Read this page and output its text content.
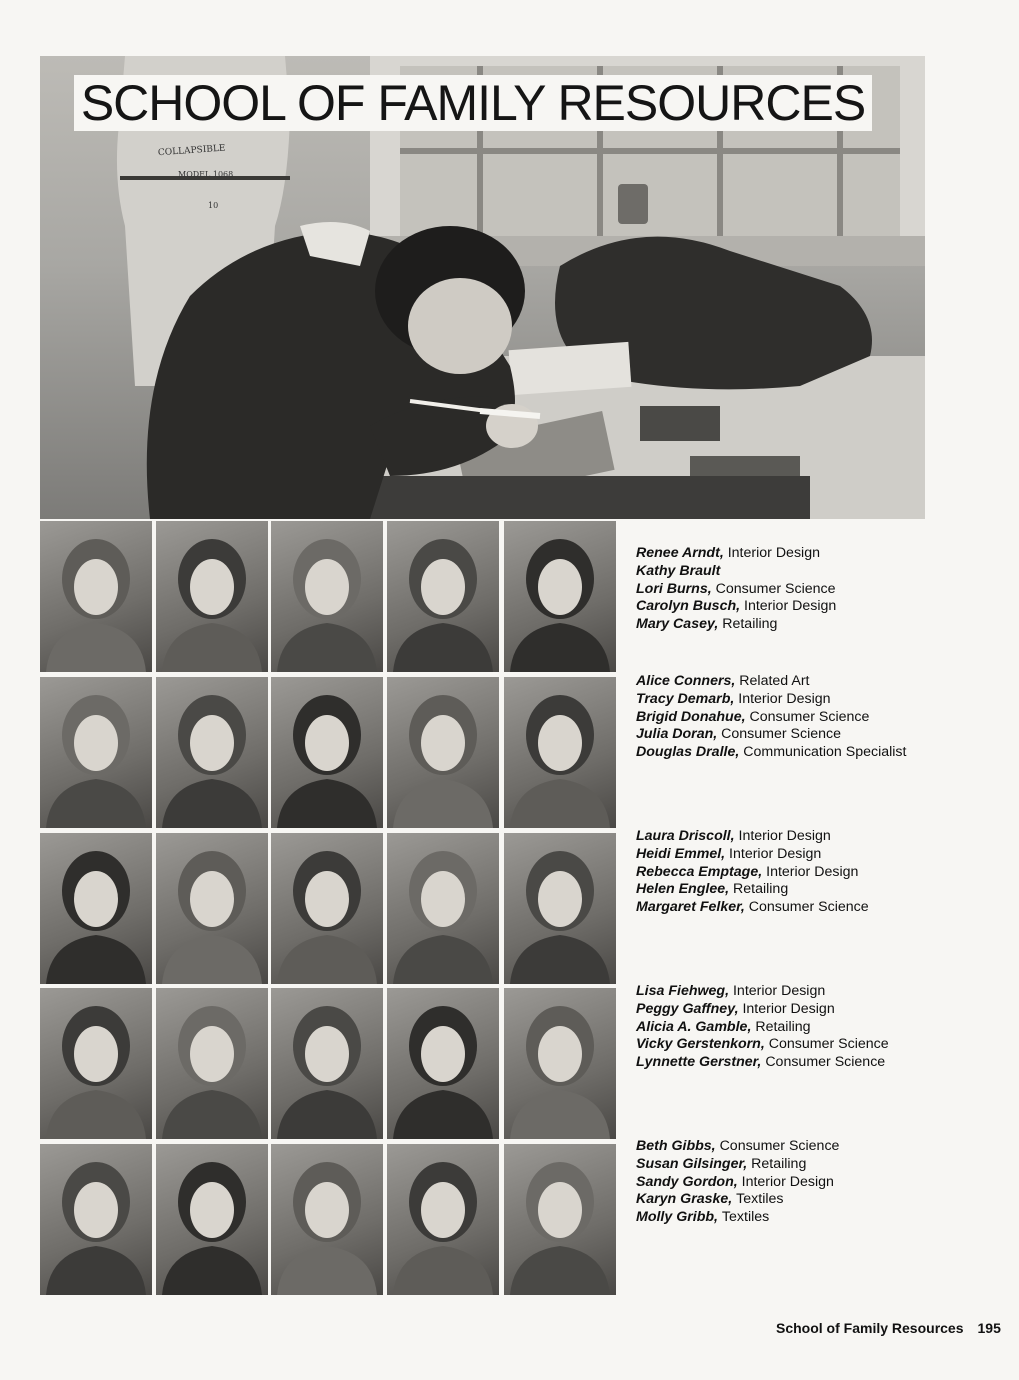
COLLAPSIBLE
MODEL 1068
10
SCHOOL OF FAMILY RESOURCES
Renee Arndt, Interior Design
Kathy Brault
Lori Burns, Consumer Science
Carolyn Busch, Interior Design
Mary Casey, Retailing
Alice Conners, Related Art
Tracy Demarb, Interior Design
Brigid Donahue, Consumer Science
Julia Doran, Consumer Science
Douglas Dralle, Communication Specialist
Laura Driscoll, Interior Design
Heidi Emmel, Interior Design
Rebecca Emptage, Interior Design
Helen Englee, Retailing
Margaret Felker, Consumer Science
Lisa Fiehweg, Interior Design
Peggy Gaffney, Interior Design
Alicia A. Gamble, Retailing
Vicky Gerstenkorn, Consumer Science
Lynnette Gerstner, Consumer Science
Beth Gibbs, Consumer Science
Susan Gilsinger, Retailing
Sandy Gordon, Interior Design
Karyn Graske, Textiles
Molly Gribb, Textiles
School of Family Resources 195
